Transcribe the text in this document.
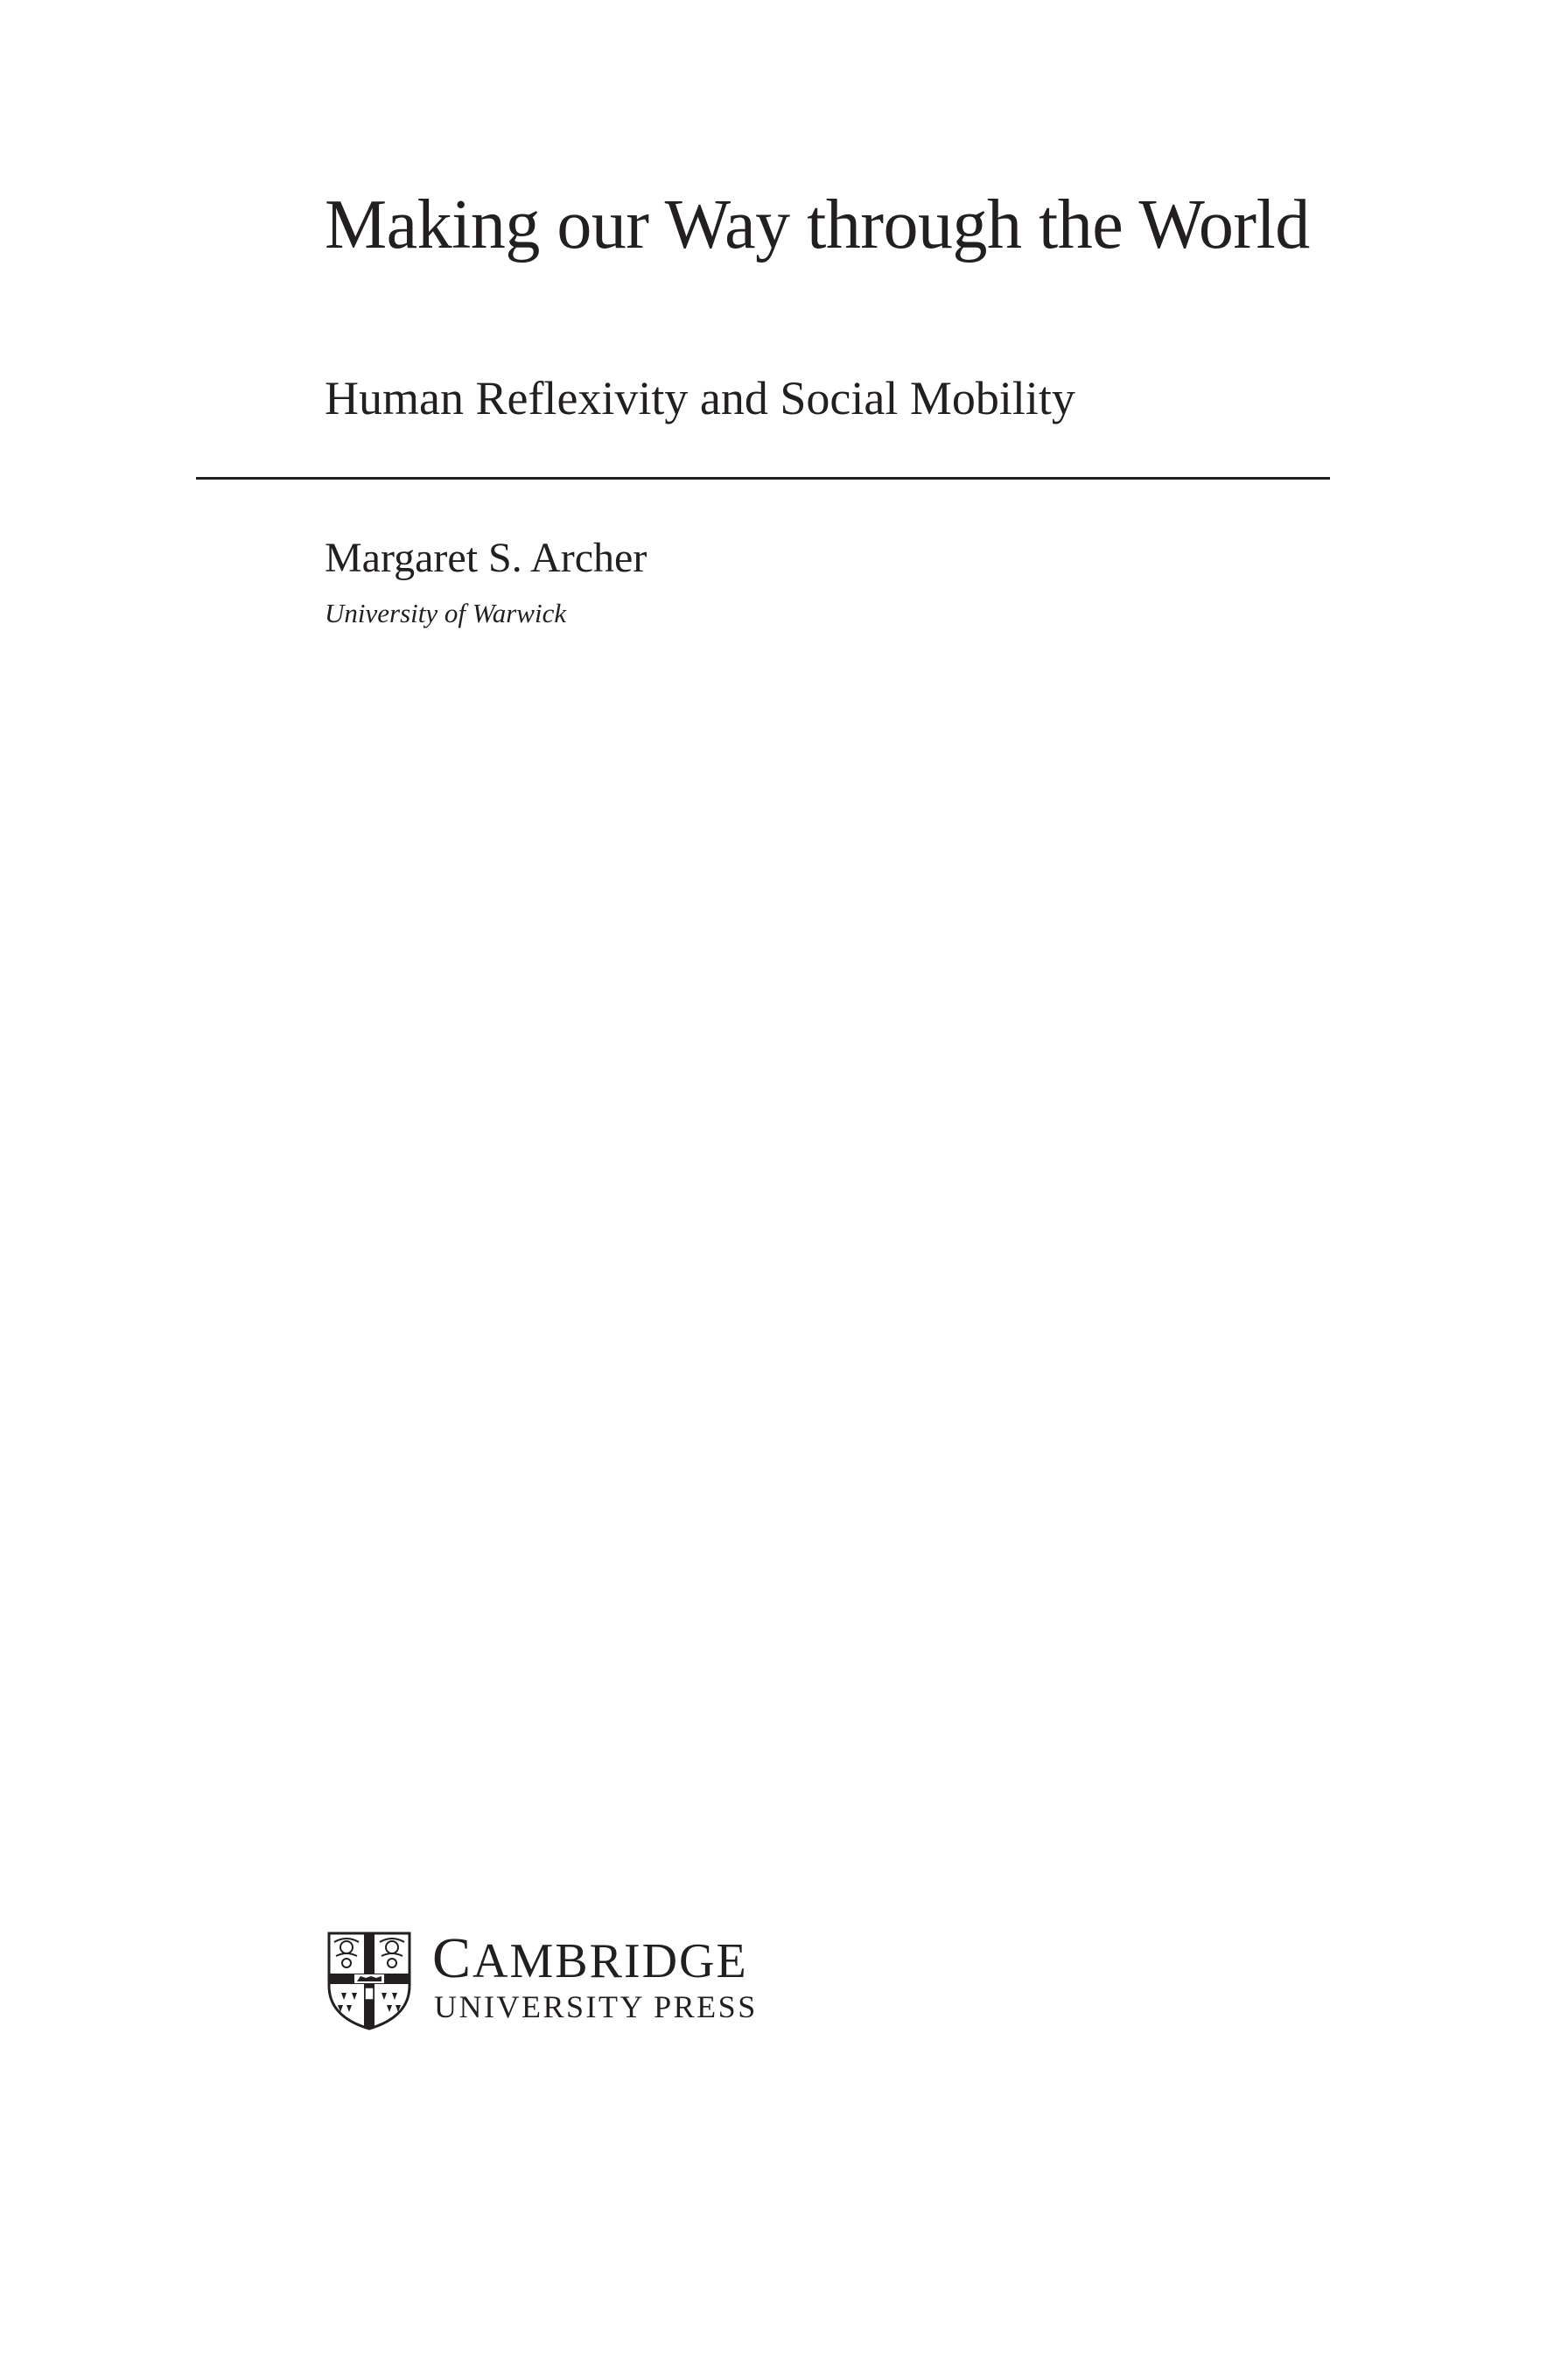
Making our Way through the World
Human Reflexivity and Social Mobility

Margaret S. Archer

University of Warwick

CAMBRIDGE

UNIVERSITY PRESS
